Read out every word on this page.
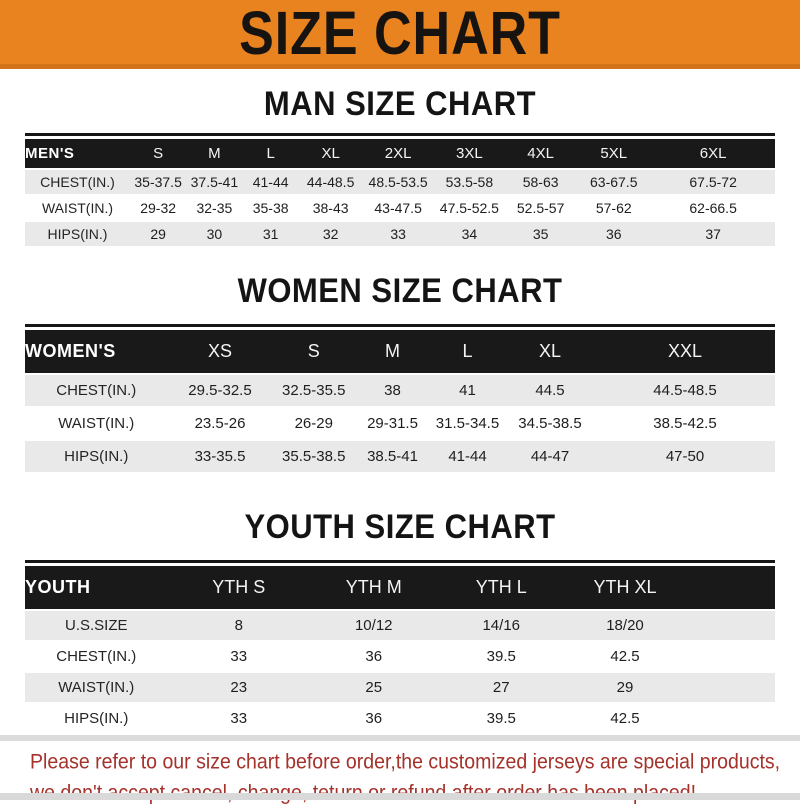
SIZE CHART
MAN SIZE CHART
MEN'S	S	M	L	XL	2XL	3XL	4XL	5XL	6XL
CHEST(IN.)	35-37.5	37.5-41	41-44	44-48.5	48.5-53.5	53.5-58	58-63	63-67.5	67.5-72
WAIST(IN.)	29-32	32-35	35-38	38-43	43-47.5	47.5-52.5	52.5-57	57-62	62-66.5
HIPS(IN.)	29	30	31	32	33	34	35	36	37
WOMEN SIZE CHART
WOMEN'S	XS	S	M	L	XL	XXL
CHEST(IN.)	29.5-32.5	32.5-35.5	38	41	44.5	44.5-48.5
WAIST(IN.)	23.5-26	26-29	29-31.5	31.5-34.5	34.5-38.5	38.5-42.5
HIPS(IN.)	33-35.5	35.5-38.5	38.5-41	41-44	44-47	47-50
YOUTH SIZE CHART
YOUTH	YTH S	YTH M	YTH L	YTH XL	
U.S.SIZE	8	10/12	14/16	18/20	
CHEST(IN.)	33	36	39.5	42.5	
WAIST(IN.)	23	25	27	29	
HIPS(IN.)	33	36	39.5	42.5	

Please refer to our size chart before order,the customized jerseys are special products,
